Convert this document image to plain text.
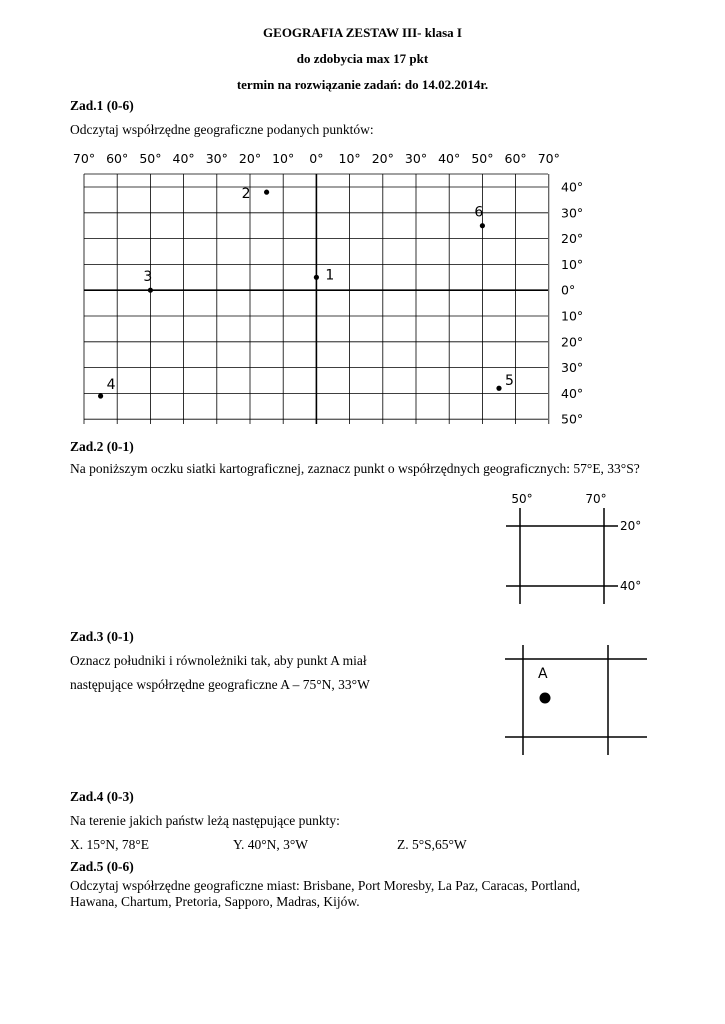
GEOGRAFIA ZESTAW III- klasa I
do zdobycia max 17 pkt
termin na rozwiązanie zadań: do 14.02.2014r.
Zad.1 (0-6)
Odczytaj współrzędne geograficzne podanych punktów:
70° 60° 50° 40° 30° 20° 10° 0° 10° 20° 30° 40° 50° 60° 70°
40°
30°
20°
10°
0°
10°
20°
30°
40°
50°
1
2
3
4	5
6
Zad.2 (0-1)
Na poniższym oczku siatki kartograficznej, zaznacz punkt o współrzędnych geograficznych: 57°E, 33°S?
50°	70°
20°
40°
Zad.3 (0-1)
Oznacz południki i równoleżniki tak, aby punkt A miał
następujące współrzędne geograficzne A – 75°N, 33°W
A
Zad.4 (0-3)
Na terenie jakich państw leżą następujące punkty:
X. 15°N, 78°E	Y. 40°N, 3°W	Z. 5°S,65°W
Zad.5 (0-6)
Odczytaj współrzędne geograficzne miast: Brisbane, Port Moresby, La Paz, Caracas, Portland,
Hawana, Chartum, Pretoria, Sapporo, Madras, Kijów.
